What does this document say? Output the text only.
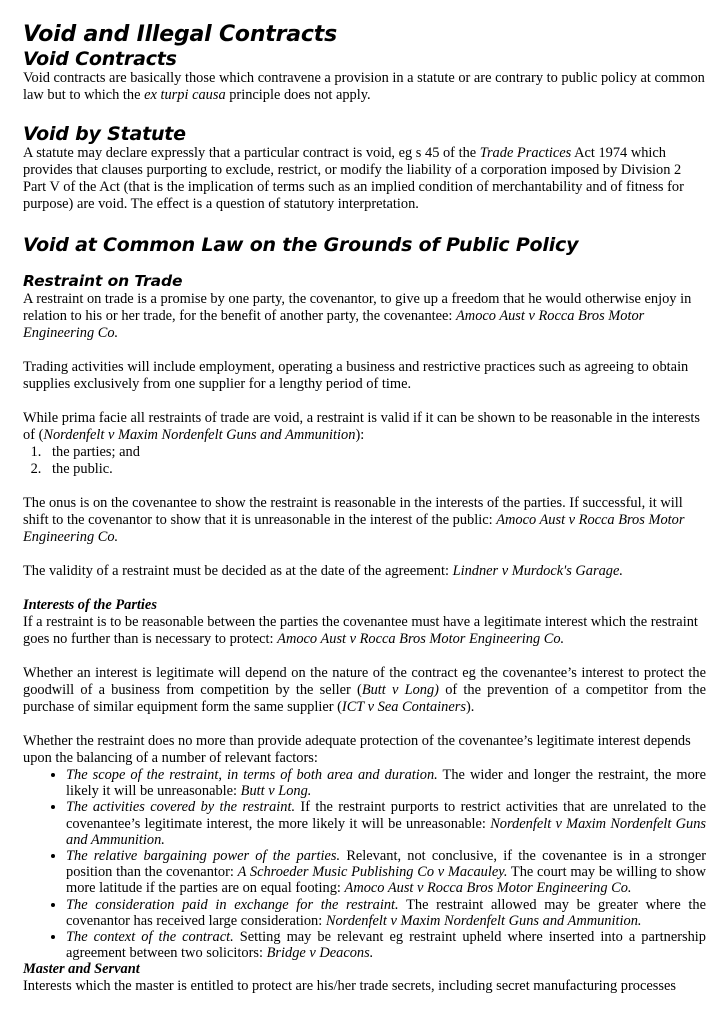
Void and Illegal Contracts
Void Contracts

Void contracts are basically those which contravene a provision in a statute or are contrary to public policy at common law but to which the ex turpi causa principle does not apply.

Void by Statute

A statute may declare expressly that a particular contract is void, eg s 45 of the Trade Practices Act 1974 which provides that clauses purporting to exclude, restrict, or modify the liability of a corporation imposed by Division 2 Part V of the Act (that is the implication of terms such as an implied condition of merchantability and of fitness for purpose) are void. The effect is a question of statutory interpretation.

Void at Common Law on the Grounds of Public Policy
Restraint on Trade

A restraint on trade is a promise by one party, the covenantor, to give up a freedom that he would otherwise enjoy in relation to his or her trade, for the benefit of another party, the covenantee: Amoco Aust v Rocca Bros Motor Engineering Co.

Trading activities will include employment, operating a business and restrictive practices such as agreeing to obtain supplies exclusively from one supplier for a lengthy period of time.

While prima facie all restraints of trade are void, a restraint is valid if it can be shown to be reasonable in the interests of (Nordenfelt v Maxim Nordenfelt Guns and Ammunition):

1. the parties; and
2. the public.

The onus is on the covenantee to show the restraint is reasonable in the interests of the parties. If successful, it will shift to the covenantor to show that it is unreasonable in the interest of the public: Amoco Aust v Rocca Bros Motor Engineering Co.

The validity of a restraint must be decided as at the date of the agreement: Lindner v Murdock's Garage.

Interests of the Parties

If a restraint is to be reasonable between the parties the covenantee must have a legitimate interest which the restraint goes no further than is necessary to protect: Amoco Aust v Rocca Bros Motor Engineering Co.

Whether an interest is legitimate will depend on the nature of the contract eg the covenantee’s interest to protect the goodwill of a business from competition by the seller (Butt v Long) of the prevention of a competitor from the purchase of similar equipment form the same supplier (ICT v Sea Containers).

Whether the restraint does no more than provide adequate protection of the covenantee’s legitimate interest depends upon the balancing of a number of relevant factors:

• The scope of the restraint, in terms of both area and duration. The wider and longer the restraint, the more likely it will be unreasonable: Butt v Long.
• The activities covered by the restraint. If the restraint purports to restrict activities that are unrelated to the covenantee’s legitimate interest, the more likely it will be unreasonable: Nordenfelt v Maxim Nordenfelt Guns and Ammunition.
• The relative bargaining power of the parties. Relevant, not conclusive, if the covenantee is in a stronger position than the covenantor: A Schroeder Music Publishing Co v Macauley. The court may be willing to show more latitude if the parties are on equal footing: Amoco Aust v Rocca Bros Motor Engineering Co.
• The consideration paid in exchange for the restraint. The restraint allowed may be greater where the covenantor has received large consideration: Nordenfelt v Maxim Nordenfelt Guns and Ammunition.
• The context of the contract. Setting may be relevant eg restraint upheld where inserted into a partnership agreement between two solicitors: Bridge v Deacons.

Master and Servant

Interests which the master is entitled to protect are his/her trade secrets, including secret manufacturing processes
